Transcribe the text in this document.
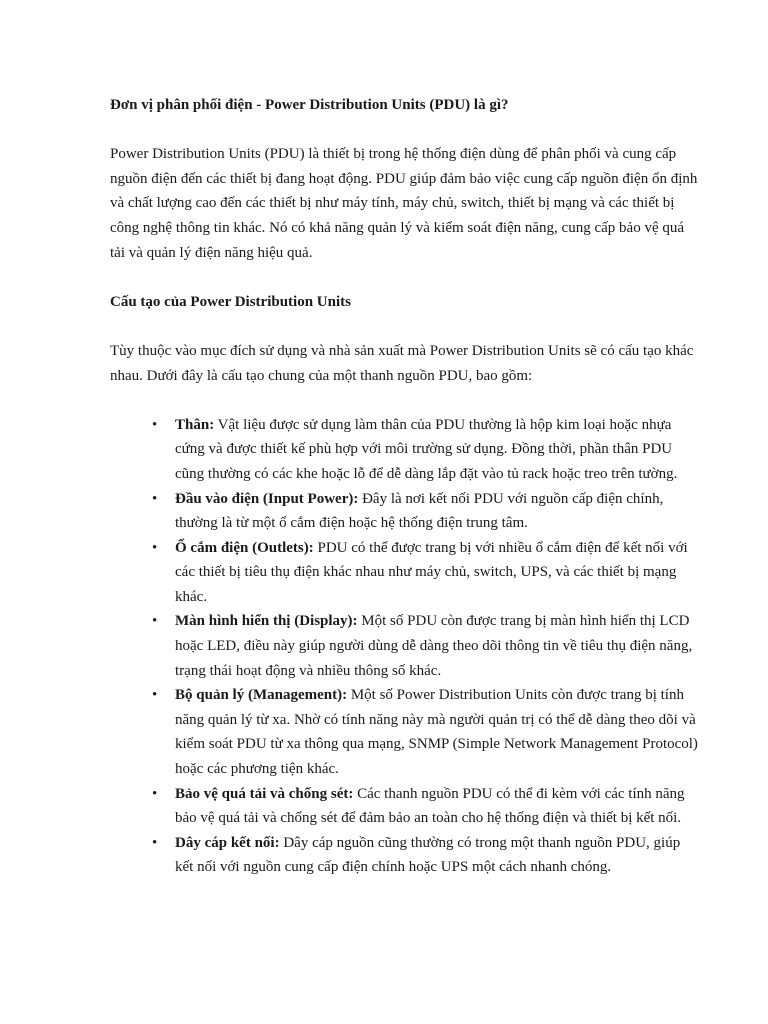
Đơn vị phân phối điện - Power Distribution Units (PDU) là gì?

Power Distribution Units (PDU) là thiết bị trong hệ thống điện dùng để phân phối và cung cấp nguồn điện đến các thiết bị đang hoạt động. PDU giúp đảm bảo việc cung cấp nguồn điện ổn định và chất lượng cao đến các thiết bị như máy tính, máy chủ, switch, thiết bị mạng và các thiết bị công nghệ thông tin khác. Nó có khả năng quản lý và kiểm soát điện năng, cung cấp bảo vệ quá tải và quản lý điện năng hiệu quả.

Cấu tạo của Power Distribution Units

Tùy thuộc vào mục đích sử dụng và nhà sản xuất mà Power Distribution Units sẽ có cấu tạo khác nhau. Dưới đây là cấu tạo chung của một thanh nguồn PDU, bao gồm:

• Thân: Vật liệu được sử dụng làm thân của PDU thường là hộp kim loại hoặc nhựa cứng và được thiết kế phù hợp với môi trường sử dụng. Đồng thời, phần thân PDU cũng thường có các khe hoặc lỗ để dễ dàng lắp đặt vào tủ rack hoặc treo trên tường.
• Đầu vào điện (Input Power): Đây là nơi kết nối PDU với nguồn cấp điện chính, thường là từ một ổ cắm điện hoặc hệ thống điện trung tâm.
• Ổ cắm điện (Outlets): PDU có thể được trang bị với nhiều ổ cắm điện để kết nối với các thiết bị tiêu thụ điện khác nhau như máy chủ, switch, UPS, và các thiết bị mạng khác.
• Màn hình hiển thị (Display): Một số PDU còn được trang bị màn hình hiển thị LCD hoặc LED, điều này giúp người dùng dễ dàng theo dõi thông tin về tiêu thụ điện năng, trạng thái hoạt động và nhiều thông số khác.
• Bộ quản lý (Management): Một số Power Distribution Units còn được trang bị tính năng quản lý từ xa. Nhờ có tính năng này mà người quản trị có thể dễ dàng theo dõi và kiểm soát PDU từ xa thông qua mạng, SNMP (Simple Network Management Protocol) hoặc các phương tiện khác.
• Bảo vệ quá tải và chống sét: Các thanh nguồn PDU có thể đi kèm với các tính năng bảo vệ quá tải và chống sét để đảm bảo an toàn cho hệ thống điện và thiết bị kết nối.
• Dây cáp kết nối: Dây cáp nguồn cũng thường có trong một thanh nguồn PDU, giúp kết nối với nguồn cung cấp điện chính hoặc UPS một cách nhanh chóng.
